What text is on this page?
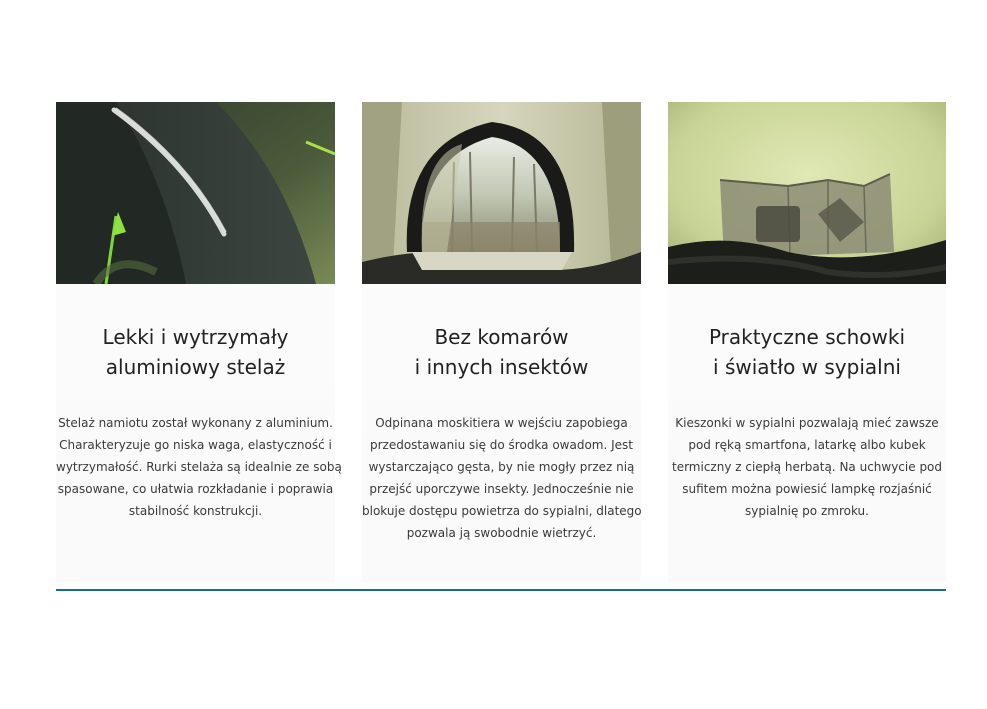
Lekki i wytrzymały
aluminiowy stelaż

Stelaż namiotu został wykonany z aluminium.
Charakteryzuje go niska waga, elastyczność i
wytrzymałość. Rurki stelaża są idealnie ze sobą
spasowane, co ułatwia rozkładanie i poprawia
stabilność konstrukcji.

Bez komarów
i innych insektów

Odpinana moskitiera w wejściu zapobiega
przedostawaniu się do środka owadom. Jest
wystarczająco gęsta, by nie mogły przez nią
przejść uporczywe insekty. Jednocześnie nie
blokuje dostępu powietrza do sypialni, dlatego
pozwala ją swobodnie wietrzyć.

Praktyczne schowki
i światło w sypialni

Kieszonki w sypialni pozwalają mieć zawsze
pod ręką smartfona, latarkę albo kubek
termiczny z ciepłą herbatą. Na uchwycie pod
sufitem można powiesić lampkę rozjaśnić
sypialnię po zmroku.
